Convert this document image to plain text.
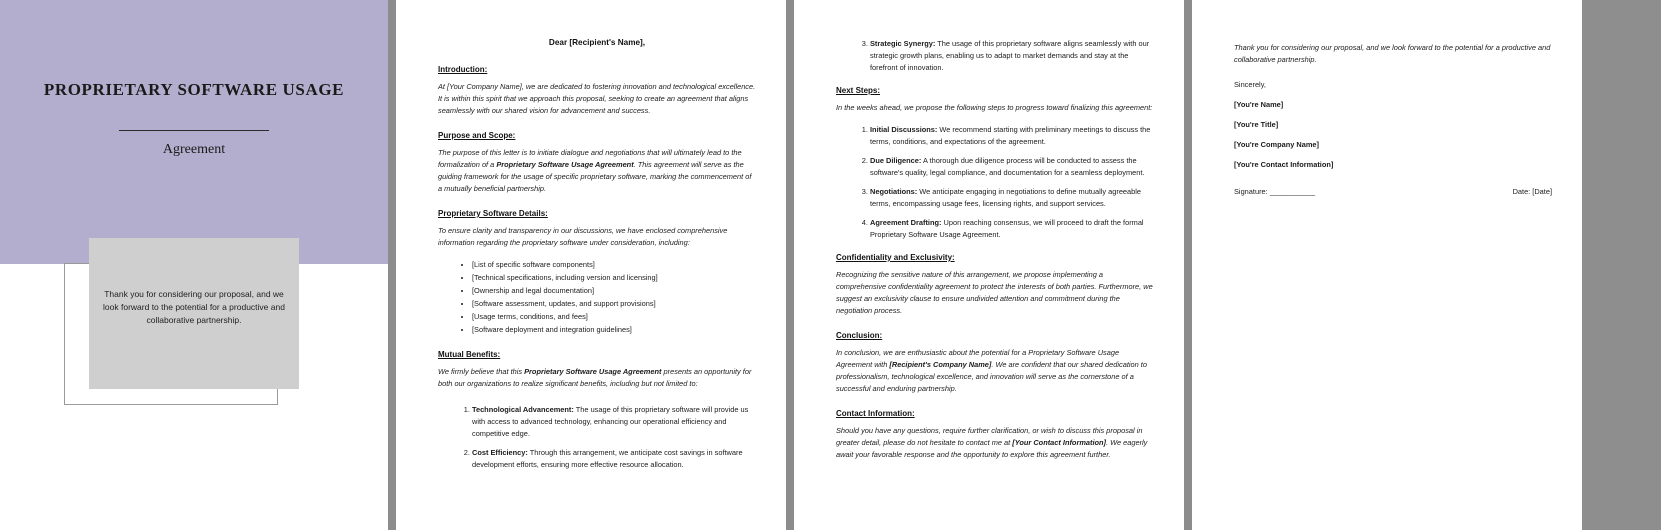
PROPRIETARY SOFTWARE USAGE
Agreement
Thank you for considering our proposal, and we look forward to the potential for a productive and collaborative partnership.
Dear [Recipient's Name],
Introduction:
At [Your Company Name], we are dedicated to fostering innovation and technological excellence. It is within this spirit that we approach this proposal, seeking to create an agreement that aligns seamlessly with our shared vision for advancement and success.
Purpose and Scope:
The purpose of this letter is to initiate dialogue and negotiations that will ultimately lead to the formalization of a Proprietary Software Usage Agreement. This agreement will serve as the guiding framework for the usage of specific proprietary software, marking the commencement of a mutually beneficial partnership.
Proprietary Software Details:
To ensure clarity and transparency in our discussions, we have enclosed comprehensive information regarding the proprietary software under consideration, including:
• [List of specific software components]
• [Technical specifications, including version and licensing]
• [Ownership and legal documentation]
• [Software assessment, updates, and support provisions]
• [Usage terms, conditions, and fees]
• [Software deployment and integration guidelines]
Mutual Benefits:
We firmly believe that this Proprietary Software Usage Agreement presents an opportunity for both our organizations to realize significant benefits, including but not limited to:
1. Technological Advancement: The usage of this proprietary software will provide us with access to advanced technology, enhancing our operational efficiency and competitive edge.
2. Cost Efficiency: Through this arrangement, we anticipate cost savings in software development efforts, ensuring more effective resource allocation.
3. Strategic Synergy: The usage of this proprietary software aligns seamlessly with our strategic growth plans, enabling us to adapt to market demands and stay at the forefront of innovation.
Next Steps:
In the weeks ahead, we propose the following steps to progress toward finalizing this agreement:
1. Initial Discussions: We recommend starting with preliminary meetings to discuss the terms, conditions, and expectations of the agreement.
2. Due Diligence: A thorough due diligence process will be conducted to assess the software's quality, legal compliance, and documentation for a seamless deployment.
3. Negotiations: We anticipate engaging in negotiations to define mutually agreeable terms, encompassing usage fees, licensing rights, and support services.
4. Agreement Drafting: Upon reaching consensus, we will proceed to draft the formal Proprietary Software Usage Agreement.
Confidentiality and Exclusivity:
Recognizing the sensitive nature of this arrangement, we propose implementing a comprehensive confidentiality agreement to protect the interests of both parties. Furthermore, we suggest an exclusivity clause to ensure undivided attention and commitment during the negotiation process.
Conclusion:
In conclusion, we are enthusiastic about the potential for a Proprietary Software Usage Agreement with [Recipient's Company Name]. We are confident that our shared dedication to professionalism, technological excellence, and innovation will serve as the cornerstone of a successful and enduring partnership.
Contact Information:
Should you have any questions, require further clarification, or wish to discuss this proposal in greater detail, please do not hesitate to contact me at [Your Contact Information]. We eagerly await your favorable response and the opportunity to explore this agreement further.
Thank you for considering our proposal, and we look forward to the potential for a productive and collaborative partnership.
Sincerely,
[You're Name]
[You're Title]
[You're Company Name]
[You're Contact Information]
Signature: ___________	Date: [Date]
